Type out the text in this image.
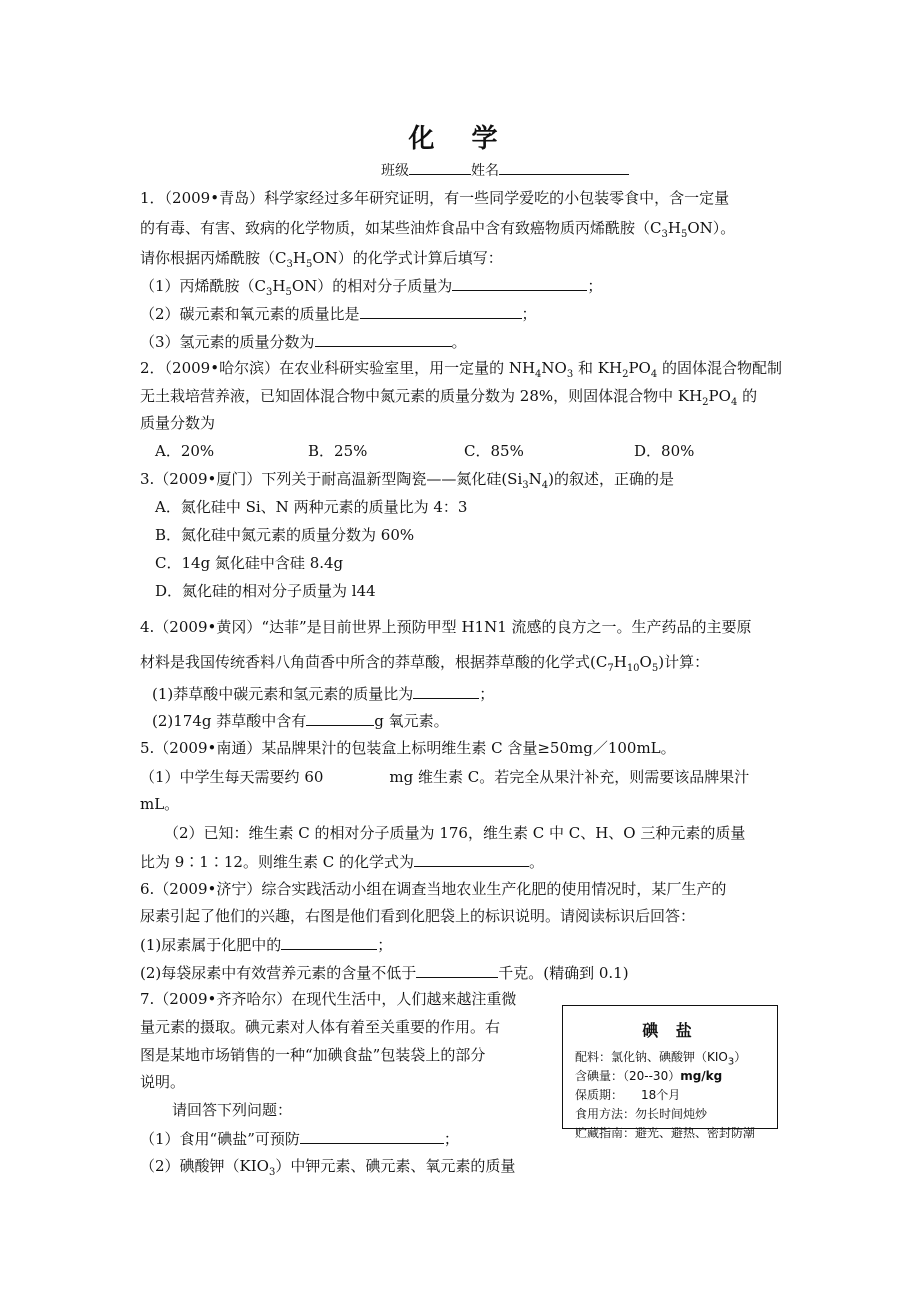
化 学
班级	姓名
1．（2009•青岛）科学家经过多年研究证明，有一些同学爱吃的小包装零食中，含一定量
的有毒、有害、致病的化学物质，如某些油炸食品中含有致癌物质丙烯酰胺$(C_3H_5ON)$。
请你根据丙烯酰胺$(C_3H_5ON)$的化学式计算后填写：
（1）丙烯酰胺$(C_3H_5ON)$的相对分子质量为	；
（2）碳元素和氧元素的质量比是	；
（3）氢元素的质量分数为	。
2．（2009•哈尔滨）在农业科研实验室里，用一定量的 $NH_4NO_3$ 和 $KH_2PO_4$ 的固体混合物配制
无土栽培营养液，已知固体混合物中氮元素的质量分数为 28%，则固体混合物中 $KH_2PO_4$ 的
质量分数为
A．20%	B．25%	C．85%	D．80%
3.（2009•厦门）下列关于耐高温新型陶瓷——氮化硅$(Si_3N_4)$的叙述，正确的是
A．氮化硅中 Si、N 两种元素的质量比为 4：3
B．氮化硅中氮元素的质量分数为 60%
C．14g 氮化硅中含硅 8.4g
D．氮化硅的相对分子质量为 l44
4.（2009•黄冈）“达菲”是目前世界上预防甲型 H1N1 流感的良方之一。生产药品的主要原
材料是我国传统香料八角茴香中所含的莽草酸，根据莽草酸的化学式$(C_7H_{10}O_5)$计算：
(1)莽草酸中碳元素和氢元素的质量比为	；
(2)174g 莽草酸中含有	g 氧元素。
5.（2009•南通）某品牌果汁的包装盒上标明维生素 C 含量≥50mg／100mL。
（1）中学生每天需要约 60	mg 维生素 C。若完全从果汁补充，则需要该品牌果汁
mL。
（2）已知：维生素 C 的相对分子质量为 176，维生素 C 中 C、H、O 三种元素的质量
比为 9∶1∶12。则维生素 C 的化学式为	。
6.（2009•济宁）综合实践活动小组在调查当地农业生产化肥的使用情况时，某厂生产的
尿素引起了他们的兴趣，右图是他们看到化肥袋上的标识说明。请阅读标识后回答：
(1)尿素属于化肥中的	；
(2)每袋尿素中有效营养元素的含量不低于	千克。(精确到 0.1)
7.（2009•齐齐哈尔）在现代生活中，人们越来越注重微
量元素的摄取。碘元素对人体有着至关重要的作用。右
图是某地市场销售的一种“加碘食盐”包装袋上的部分
说明。
请回答下列问题：
（1）食用“碘盐”可预防	；
（2）碘酸钾$(KIO_3)$中钾元素、碘元素、氧元素的质量
碘 盐
配料：氯化钠、碘酸钾$(KIO_3)$
含碘量：（20--30）mg/kg
保质期： 18个月
食用方法：勿长时间炖炒
贮藏指南：避光、避热、密封防潮
